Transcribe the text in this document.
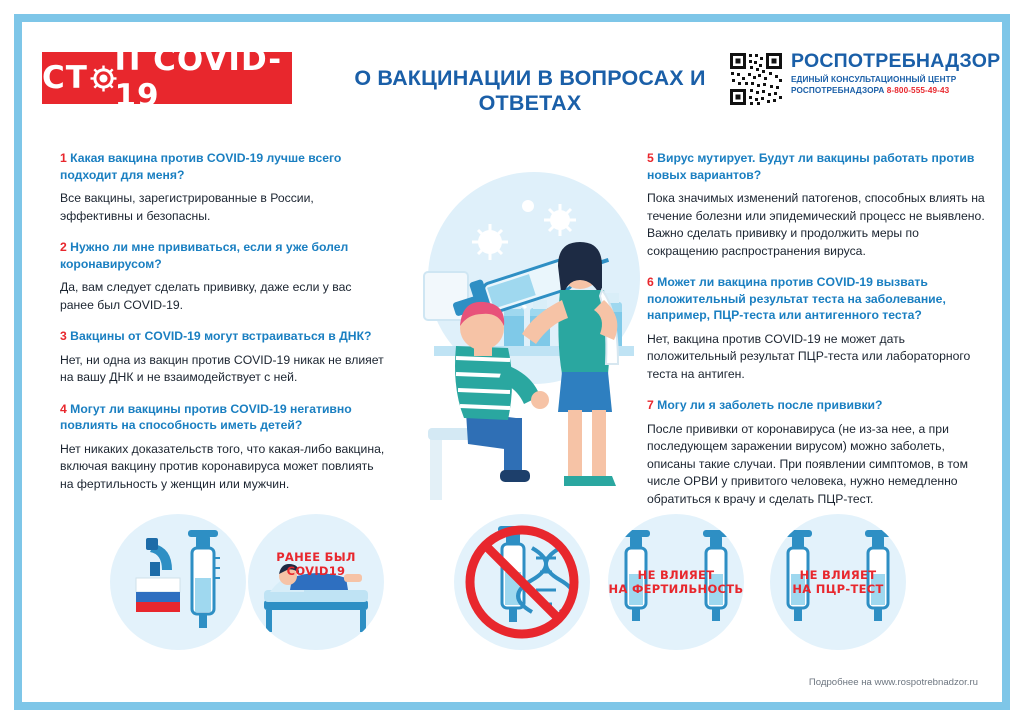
СТ П COVID-19	О ВАКЦИНАЦИИ В ВОПРОСАХ И ОТВЕТАХ
РОСПОТРЕБНАДЗОР
ЕДИНЫЙ КОНСУЛЬТАЦИОННЫЙ ЦЕНТР
РОСПОТРЕБНАДЗОРА 8-800-555-49-43

1 Какая вакцина против COVID-19 лучше всего подходит для меня?

Все вакцины, зарегистрированные в России, эффективны и безопасны.

2 Нужно ли мне прививаться, если я уже болел коронавирусом?

Да, вам следует сделать прививку, даже если у вас ранее был COVID-19.

3 Вакцины от COVID-19 могут встраиваться в ДНК?

Нет, ни одна из вакцин против COVID-19 никак не влияет на вашу ДНК и не взаимодействует с ней.

4 Могут ли вакцины против COVID-19 негативно повлиять на способность иметь детей?

Нет никаких доказательств того, что какая-либо вакцина, включая вакцину против коронавируса может повлиять на фертильность у женщин или мужчин.

5 Вирус мутирует. Будут ли вакцины работать против новых вариантов?

Пока значимых изменений патогенов, способных влиять на течение болезни или эпидемический процесс не выявлено. Важно сделать прививку и продолжить меры по сокращению распространения вируса.

6 Может ли вакцина против COVID-19 вызвать положительный результат теста на заболевание, например, ПЦР-теста или антигенного теста?

Нет, вакцина против COVID-19 не может дать положительный результат ПЦР-теста или лабораторного теста на антиген.

7 Могу ли я заболеть после прививки?

После прививки от коронавируса (не из-за нее, а при последующем заражении вирусом) можно заболеть, описаны такие случаи. При появлении симптомов, в том числе ОРВИ у привитого человека, нужно немедленно обратиться к врачу и сделать ПЦР-тест.

РАНЕЕ БЫЛ
COVID19	НЕ ВЛИЯЕТ
НА ФЕРТИЛЬНОСТЬ
НЕ ВЛИЯЕТ
НА ПЦР-ТЕСТ
Подробнее на www.rospotrebnadzor.ru
